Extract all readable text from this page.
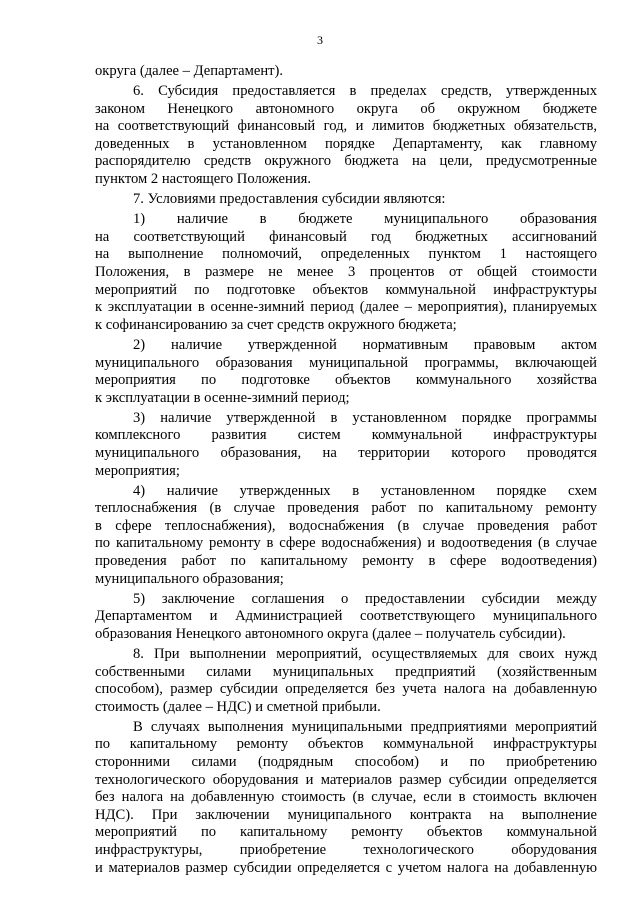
3
округа (далее – Департамент).
6. Субсидия предоставляется в пределах средств, утвержденных
законом Ненецкого автономного округа об окружном бюджете
на соответствующий финансовый год, и лимитов бюджетных обязательств,
доведенных в установленном порядке Департаменту, как главному
распорядителю средств окружного бюджета на цели, предусмотренные
пунктом 2 настоящего Положения.
7. Условиями предоставления субсидии являются:
1) наличие в бюджете муниципального образования
на соответствующий финансовый год бюджетных ассигнований
на выполнение полномочий, определенных пунктом 1 настоящего
Положения, в размере не менее 3 процентов от общей стоимости
мероприятий по подготовке объектов коммунальной инфраструктуры
к эксплуатации в осенне-зимний период (далее – мероприятия), планируемых
к софинансированию за счет средств окружного бюджета;
2) наличие утвержденной нормативным правовым актом
муниципального образования муниципальной программы, включающей
мероприятия по подготовке объектов коммунального хозяйства
к эксплуатации в осенне-зимний период;
3) наличие утвержденной в установленном порядке программы
комплексного развития систем коммунальной инфраструктуры
муниципального образования, на территории которого проводятся
мероприятия;
4) наличие утвержденных в установленном порядке схем
теплоснабжения (в случае проведения работ по капитальному ремонту
в сфере теплоснабжения), водоснабжения (в случае проведения работ
по капитальному ремонту в сфере водоснабжения) и водоотведения (в случае
проведения работ по капитальному ремонту в сфере водоотведения)
муниципального образования;
5) заключение соглашения о предоставлении субсидии между
Департаментом и Администрацией соответствующего муниципального
образования Ненецкого автономного округа (далее – получатель субсидии).
8. При выполнении мероприятий, осуществляемых для своих нужд
собственными силами муниципальных предприятий (хозяйственным
способом), размер субсидии определяется без учета налога на добавленную
стоимость (далее – НДС) и сметной прибыли.
В случаях выполнения муниципальными предприятиями мероприятий
по капитальному ремонту объектов коммунальной инфраструктуры
сторонними силами (подрядным способом) и по приобретению
технологического оборудования и материалов размер субсидии определяется
без налога на добавленную стоимость (в случае, если в стоимость включен
НДС). При заключении муниципального контракта на выполнение
мероприятий по капитальному ремонту объектов коммунальной
инфраструктуры, приобретение технологического оборудования
и материалов размер субсидии определяется с учетом налога на добавленную
